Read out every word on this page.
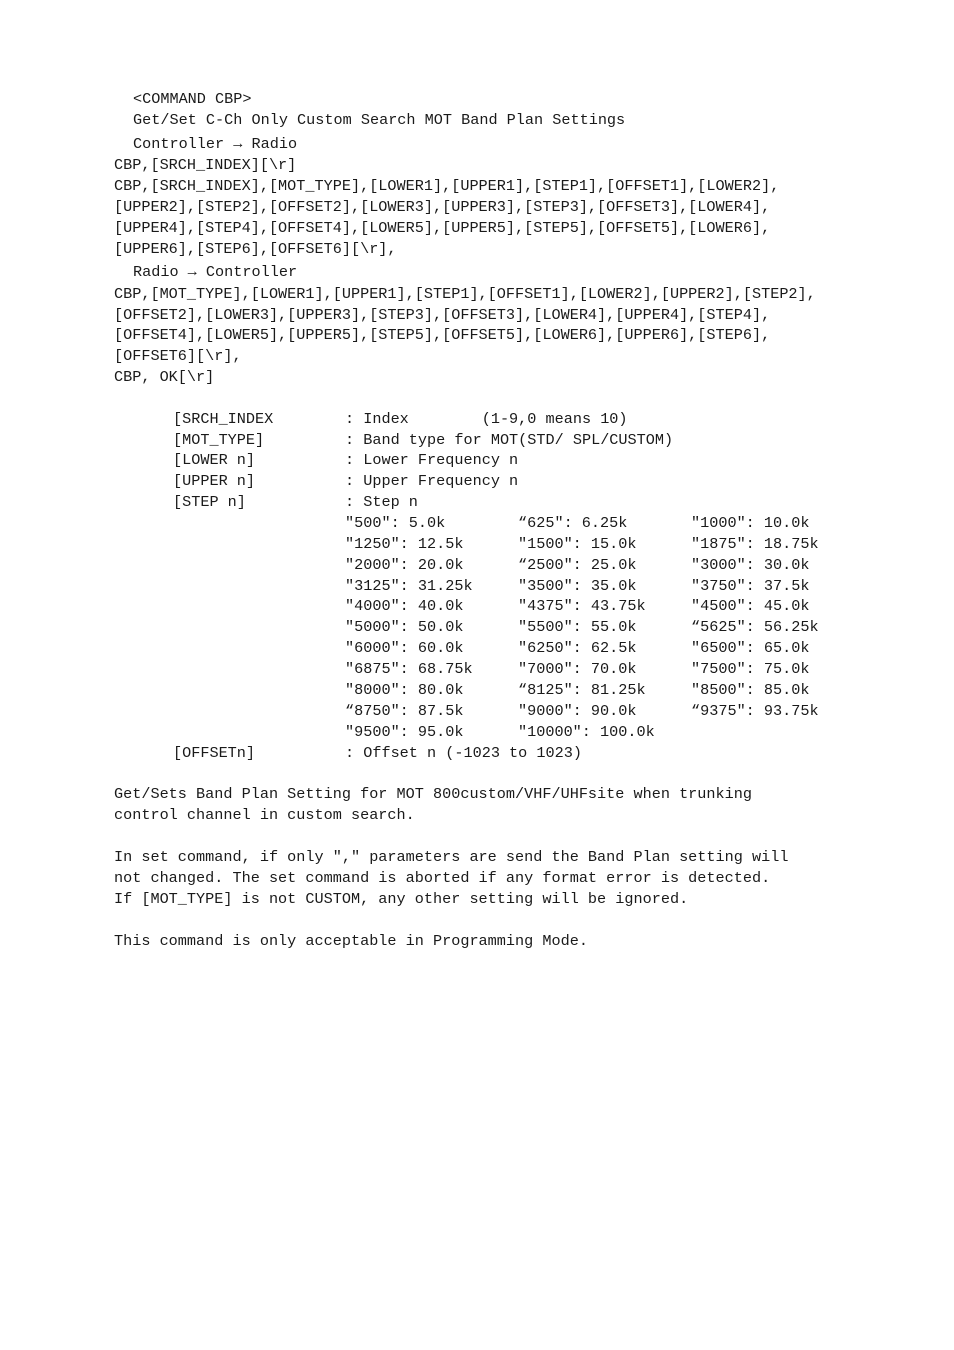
<COMMAND CBP>
Get/Set C-Ch Only Custom Search MOT Band Plan Settings
Controller → Radio
CBP,[SRCH_INDEX][\r]
CBP,[SRCH_INDEX],[MOT_TYPE],[LOWER1],[UPPER1],[STEP1],[OFFSET1],[LOWER2],
[UPPER2],[STEP2],[OFFSET2],[LOWER3],[UPPER3],[STEP3],[OFFSET3],[LOWER4],
[UPPER4],[STEP4],[OFFSET4],[LOWER5],[UPPER5],[STEP5],[OFFSET5],[LOWER6],
[UPPER6],[STEP6],[OFFSET6][\r],
Radio → Controller
CBP,[MOT_TYPE],[LOWER1],[UPPER1],[STEP1],[OFFSET1],[LOWER2],[UPPER2],[STEP2],
[OFFSET2],[LOWER3],[UPPER3],[STEP3],[OFFSET3],[LOWER4],[UPPER4],[STEP4],
[OFFSET4],[LOWER5],[UPPER5],[STEP5],[OFFSET5],[LOWER6],[UPPER6],[STEP6],
[OFFSET6][\r],
CBP, OK[\r]
[SRCH_INDEX	: Index        (1-9,0 means 10)
[MOT_TYPE]	: Band type for MOT(STD/ SPL/CUSTOM)
[LOWER n]	: Lower Frequency n
[UPPER n]	: Upper Frequency n
[STEP n]	: Step n
"500": 5.0k	“625": 6.25k	"1000": 10.0k
"1250": 12.5k	"1500": 15.0k	"1875": 18.75k
"2000": 20.0k	“2500": 25.0k	"3000": 30.0k
"3125": 31.25k	"3500": 35.0k	"3750": 37.5k
"4000": 40.0k	"4375": 43.75k	"4500": 45.0k
"5000": 50.0k	"5500": 55.0k	“5625": 56.25k
"6000": 60.0k	"6250": 62.5k	"6500": 65.0k
"6875": 68.75k	"7000": 70.0k	"7500": 75.0k
"8000": 80.0k	“8125": 81.25k	"8500": 85.0k
“8750": 87.5k	"9000": 90.0k	“9375": 93.75k
"9500": 95.0k	"10000": 100.0k
[OFFSETn]	: Offset n (-1023 to 1023)
Get/Sets Band Plan Setting for MOT 800custom/VHF/UHFsite when trunking
control channel in custom search.
In set command, if only "," parameters are send the Band Plan setting will
not changed. The set command is aborted if any format error is detected.
If [MOT_TYPE] is not CUSTOM, any other setting will be ignored.
This command is only acceptable in Programming Mode.
